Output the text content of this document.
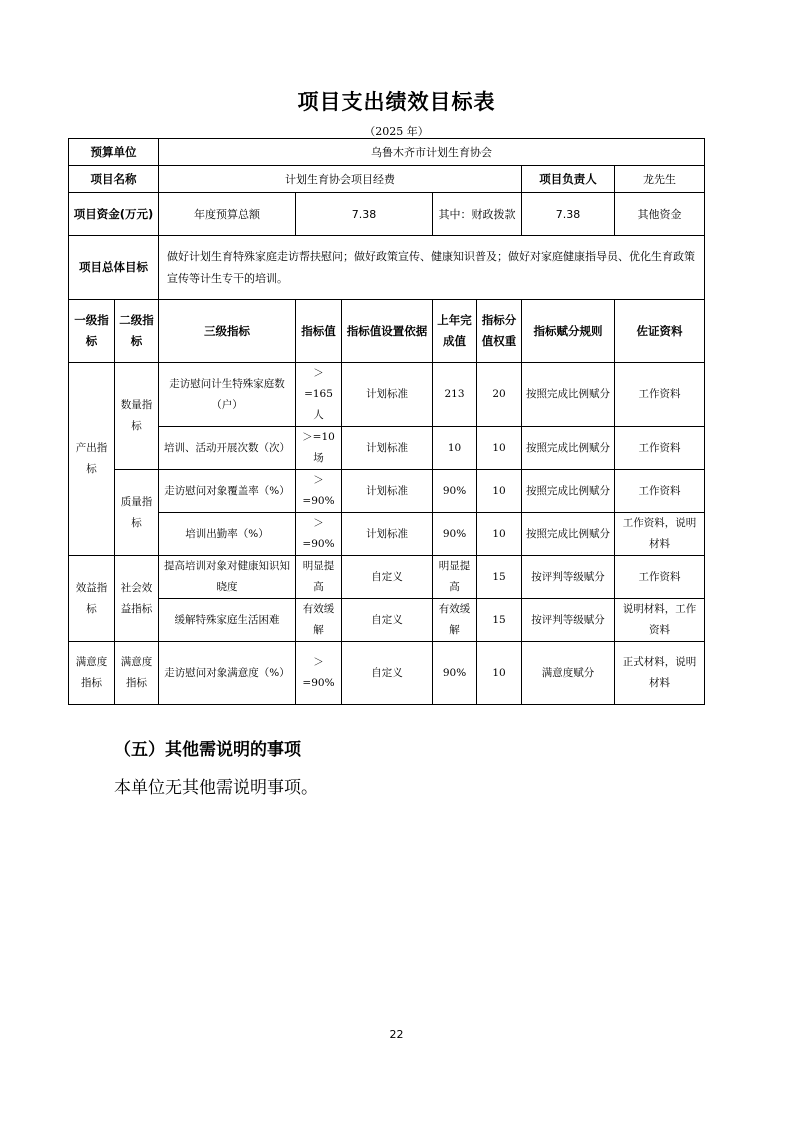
项目支出绩效目标表
（2025 年）
预算单位		乌鲁木齐市计划生育协会							
项目名称		计划生育协会项目经费					项目负责人	龙先生	
项目资金(万元)		年度预算总额	7.38		其中：财政拨款		7.38	其他资金	
项目总体目标		做好计划生育特殊家庭走访帮扶慰问；做好政策宣传、健康知识普及；做好对家庭健康指导员、优化生育政策宣传等计生专干的培训。							
一级指标	二级指标	三级指标	指标值	指标值设置依据	上年完成值	指标分值权重	指标赋分规则	佐证资料	
产出指标	数量指标	走访慰问计生特殊家庭数（户）	＞=165人	计划标准	213	20	按照完成比例赋分	工作资料	
		培训、活动开展次数（次）	＞=10场	计划标准	10	10	按照完成比例赋分	工作资料	
	质量指标	走访慰问对象覆盖率（%）	＞=90%	计划标准	90%	10	按照完成比例赋分	工作资料	
		培训出勤率（%）	＞=90%	计划标准	90%	10	按照完成比例赋分	工作资料，说明材料	
效益指标	社会效益指标	提高培训对象对健康知识知晓度	明显提高	自定义	明显提高	15	按评判等级赋分	工作资料	
		缓解特殊家庭生活困难	有效缓解	自定义	有效缓解	15	按评判等级赋分	说明材料，工作资料	
满意度指标	满意度指标	走访慰问对象满意度（%）	＞=90%	自定义	90%	10	满意度赋分	正式材料，说明材料	
（五）其他需说明的事项
本单位无其他需说明事项。
22
